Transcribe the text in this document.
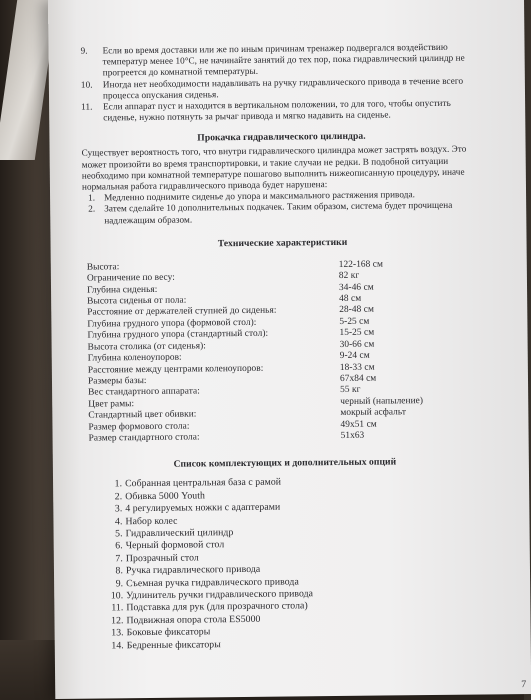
9. Если во время доставки или же по иным причинам тренажер подвергался воздействию температур менее 10°С, не начинайте занятий до тех пор, пока гидравлический цилиндр не прогреется до комнатной температуры.
10. Иногда нет необходимости надавливать на ручку гидравлического привода в течение всего процесса опускания сиденья.
11. Если аппарат пуст и находится в вертикальном положении, то для того, чтобы опустить сиденье, нужно потянуть за рычаг привода и мягко надавить на сиденье.
Прокачка гидравлического цилиндра.

Существует вероятность того, что внутри гидравлического цилиндра может застрять воздух. Это может произойти во время транспортировки, и такие случаи не редки. В подобной ситуации необходимо при комнатной температуре пошагово выполнить нижеописанную процедуру, иначе нормальная работа гидравлического привода будет нарушена:

1. Медленно поднимите сиденье до упора и максимального растяжения привода.
2. Затем сделайте 10 дополнительных подкачек. Таким образом, система будет прочищена надлежащим образом.
Технические характеристики
Высота:	122-168 см
Ограничение по весу:	82 кг
Глубина сиденья:	34-46 см
Высота сиденья от пола:	48 см
Расстояние от держателей ступней до сиденья:	28-48 см
Глубина грудного упора (формовой стол):	5-25 см
Глубина грудного упора (стандартный стол):	15-25 см
Высота столика (от сиденья):	30-66 см
Глубина коленоупоров:	9-24 см
Расстояние между центрами коленоупоров:	18-33 см
Размеры базы:	67x84 см
Вес стандартного аппарата:	55 кг
Цвет рамы:	черный (напыление)
Стандартный цвет обивки:	мокрый асфальт
Размер формового стола:	49x51 см
Размер стандартного стола:	51x63
Список комплектующих и дополнительных опций
1. Собранная центральная база с рамой
2. Обивка 5000 Youth
3. 4 регулируемых ножки с адаптерами
4. Набор колес
5. Гидравлический цилиндр
6. Черный формовой стол
7. Прозрачный стол
8. Ручка гидравлического привода
9. Съемная ручка гидравлического привода
10. Удлинитель ручки гидравлического привода
11. Подставка для рук (для прозрачного стола)
12. Подвижная опора стола ES5000
13. Боковые фиксаторы
14. Бедренные фиксаторы
7
